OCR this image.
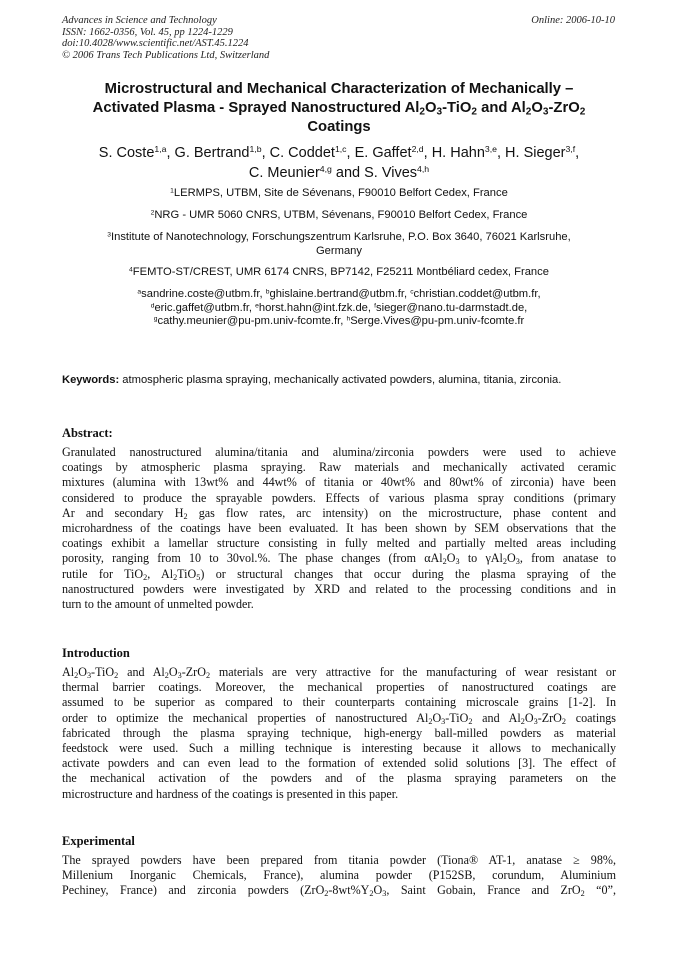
Advances in Science and Technology
ISSN: 1662-0356, Vol. 45, pp 1224-1229
doi:10.4028/www.scientific.net/AST.45.1224
© 2006 Trans Tech Publications Ltd, Switzerland
Online: 2006-10-10
Microstructural and Mechanical Characterization of Mechanically –
Activated Plasma - Sprayed Nanostructured $Al_2O_3-TiO_2$ and $Al_2O_3-ZrO_2$
Coatings
S. Coste$^{1,a}$, G. Bertrand$^{1,b}$, C. Coddet$^{1,c}$, E. Gaffet$^{2,d}$, H. Hahn$^{3,e}$, H. Sieger$^{3,f}$,
C. Meunier$^{4,g}$ and S. Vives$^{4,h}$
$^1$LERMPS, UTBM, Site de Sévenans, F90010 Belfort Cedex, France
$^2$NRG - UMR 5060 CNRS, UTBM, Sévenans, F90010 Belfort Cedex, France
$^3$Institute of Nanotechnology, Forschungszentrum Karlsruhe, P.O. Box 3640, 76021 Karlsruhe,
Germany
$^4$FEMTO-ST/CREST, UMR 6174 CNRS, BP7142, F25211 Montbéliard cedex, France
$^a$sandrine.coste@utbm.fr, $^b$ghislaine.bertrand@utbm.fr, $^c$christian.coddet@utbm.fr,
$^d$eric.gaffet@utbm.fr, $^e$horst.hahn@int.fzk.de, $^f$sieger@nano.tu-darmstadt.de,
$^g$cathy.meunier@pu-pm.univ-fcomte.fr, $^h$Serge.Vives@pu-pm.univ-fcomte.fr
Keywords: atmospheric plasma spraying, mechanically activated powders, alumina, titania, zirconia.
Abstract:
Granulated nanostructured alumina/titania and alumina/zirconia powders were used to achieve
coatings by atmospheric plasma spraying. Raw materials and mechanically activated ceramic
mixtures (alumina with 13wt% and 44wt% of titania or 40wt% and 80wt% of zirconia) have been
considered to produce the sprayable powders. Effects of various plasma spray conditions (primary
Ar and secondary $H_2$ gas flow rates, arc intensity) on the microstructure, phase content and
microhardness of the coatings have been evaluated. It has been shown by SEM observations that the
coatings exhibit a lamellar structure consisting in fully melted and partially melted areas including
porosity, ranging from 10 to 30vol.%. The phase changes (from $\alpha Al_2O_3$ to $\gamma Al_2O_3$, from anatase to
rutile for TiO$_2$, $Al_2TiO_5$) or structural changes that occur during the plasma spraying of the
nanostructured powders were investigated by XRD and related to the processing conditions and in
turn to the amount of unmelted powder.
Introduction
$Al_2O_3-TiO_2$ and $Al_2O_3-ZrO_2$ materials are very attractive for the manufacturing of wear resistant or
thermal barrier coatings. Moreover, the mechanical properties of nanostructured coatings are
assumed to be superior as compared to their counterparts containing microscale grains [1-2]. In
order to optimize the mechanical properties of nanostructured $Al_2O_3-TiO_2$ and $Al_2O_3-ZrO_2$ coatings
fabricated through the plasma spraying technique, high-energy ball-milled powders as material
feedstock were used. Such a milling technique is interesting because it allows to mechanically
activate powders and can even lead to the formation of extended solid solutions [3]. The effect of
the mechanical activation of the powders and of the plasma spraying parameters on the
microstructure and hardness of the coatings is presented in this paper.
Experimental
The sprayed powders have been prepared from titania powder (Tiona® AT-1, anatase ≥ 98%,
Millenium Inorganic Chemicals, France), alumina powder (P152SB, corundum, Aluminium
Pechiney, France) and zirconia powders ($ZrO_2-8wt\%Y_2O_3$, Saint Gobain, France and ZrO$_2$ “0”,
